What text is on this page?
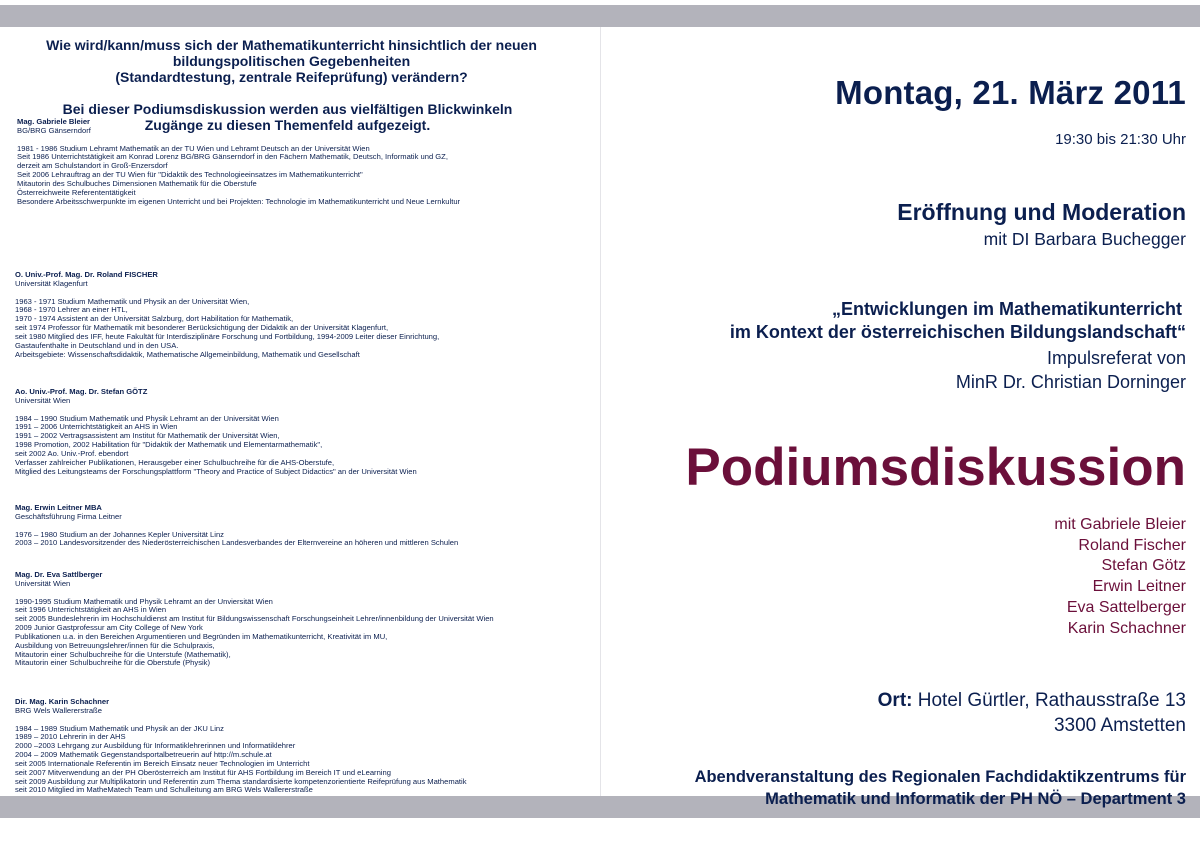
Wie wird/kann/muss sich der Mathematikunterricht hinsichtlich der neuen

bildungspolitischen Gegebenheiten

(Standardtestung, zentrale Reifeprüfung) verändern?

Bei dieser Podiumsdiskussion werden aus vielfältigen Blickwinkeln

Zugänge zu diesen Themenfeld aufgezeigt.

Mag. Gabriele Bleier
BG/BRG Gänserndorf
1981 - 1986 Studium Lehramt Mathematik an der TU Wien und Lehramt Deutsch an der Universität Wien
Seit 1986 Unterrichtstätigkeit am Konrad Lorenz BG/BRG Gänserndorf in den Fächern Mathematik, Deutsch, Informatik und GZ,
derzeit am Schulstandort in Groß-Enzersdorf
Seit 2006 Lehrauftrag an der TU Wien für "Didaktik des Technologieeinsatzes im Mathematikunterricht"
Mitautorin des Schulbuches Dimensionen Mathematik für die Oberstufe
Österreichweite Referententätigkeit
Besondere Arbeitsschwerpunkte im eigenen Unterricht und bei Projekten: Technologie im Mathematikunterricht und Neue Lernkultur
O. Univ.-Prof. Mag. Dr. Roland FISCHER
Universität Klagenfurt
1963 - 1971 Studium Mathematik und Physik an der Universität Wien,
1968 - 1970 Lehrer an einer HTL,
1970 - 1974 Assistent an der Universität Salzburg, dort Habilitation für Mathematik,
seit 1974 Professor für Mathematik mit besonderer Berücksichtigung der Didaktik an der Universität Klagenfurt,
seit 1980 Mitglied des IFF, heute Fakultät für Interdisziplinäre Forschung und Fortbildung, 1994-2009 Leiter dieser Einrichtung,
Gastaufenthalte in Deutschland und in den USA.
Arbeitsgebiete: Wissenschaftsdidaktik, Mathematische Allgemeinbildung, Mathematik und Gesellschaft
Ao. Univ.-Prof. Mag. Dr. Stefan GÖTZ
Universität Wien
1984 – 1990 Studium Mathematik und Physik Lehramt an der Universität Wien
1991 – 2006 Unterrichtstätigkeit an AHS in Wien
1991 – 2002 Vertragsassistent am Institut für Mathematik der Universität Wien,
1998 Promotion, 2002 Habilitation für "Didaktik der Mathematik und Elementarmathematik",
seit 2002 Ao. Univ.-Prof. ebendort
Verfasser zahlreicher Publikationen, Herausgeber einer Schulbuchreihe für die AHS-Oberstufe,
Mitglied des Leitungsteams der Forschungsplattform "Theory and Practice of Subject Didactics" an der Universität Wien
Mag. Erwin Leitner MBA
Geschäftsführung Firma Leitner
1976 – 1980 Studium an der Johannes Kepler Universität Linz
2003 – 2010 Landesvorsitzender des Niederösterreichischen Landesverbandes der Elternvereine an höheren und mittleren Schulen
Mag. Dr. Eva Sattlberger
Universität Wien
1990-1995 Studium Mathematik und Physik Lehramt an der Unviersität Wien
seit 1996 Unterrichtstätigkeit an AHS in Wien
seit 2005 Bundeslehrerin im Hochschuldienst am Institut für Bildungswissenschaft Forschungseinheit Lehrer/innenbildung der Universität Wien
2009 Junior Gastprofessur am City College of New York
Publikationen u.a. in den Bereichen Argumentieren und Begründen im Mathematikunterricht, Kreativität im MU,
Ausbildung von Betreuungslehrer/innen für die Schulpraxis,
Mitautorin einer Schulbuchreihe für die Unterstufe (Mathematik),
Mitautorin einer Schulbuchreihe für die Oberstufe (Physik)
Dir. Mag. Karin Schachner
BRG Wels Wallererstraße
1984 – 1989 Studium Mathematik und Physik an der JKU Linz
1989 – 2010 Lehrerin in der AHS
2000 –2003 Lehrgang zur Ausbildung für Informatiklehrerinnen und Informatiklehrer
2004 – 2009 Mathematik Gegenstandsportalbetreuerin auf http://m.schule.at
seit 2005 Internationale Referentin im Bereich Einsatz neuer Technologien im Unterricht
seit 2007 Mitverwendung an der PH Oberösterreich am Institut für AHS Fortbildung im Bereich IT und eLearning
seit 2009 Ausbildung zur Multiplikatorin und Referentin zum Thema standardisierte kompetenzorientierte Reifeprüfung aus Mathematik
seit 2010 Mitglied im MatheMatech Team und Schulleitung am BRG Wels Wallererstraße
Montag, 21. März 2011
19:30 bis 21:30 Uhr
Eröffnung und Moderation
mit DI Barbara Buchegger
„Entwicklungen im Mathematikunterricht
im Kontext der österreichischen Bildungslandschaft“
Impulsreferat von
MinR Dr. Christian Dorninger
Podiumsdiskussion
mit Gabriele Bleier
Roland Fischer
Stefan Götz
Erwin Leitner
Eva Sattelberger
Karin Schachner
Ort: Hotel Gürtler, Rathausstraße 13
3300 Amstetten
Abendveranstaltung des Regionalen Fachdidaktikzentrums für
Mathematik und Informatik der PH NÖ – Department 3
